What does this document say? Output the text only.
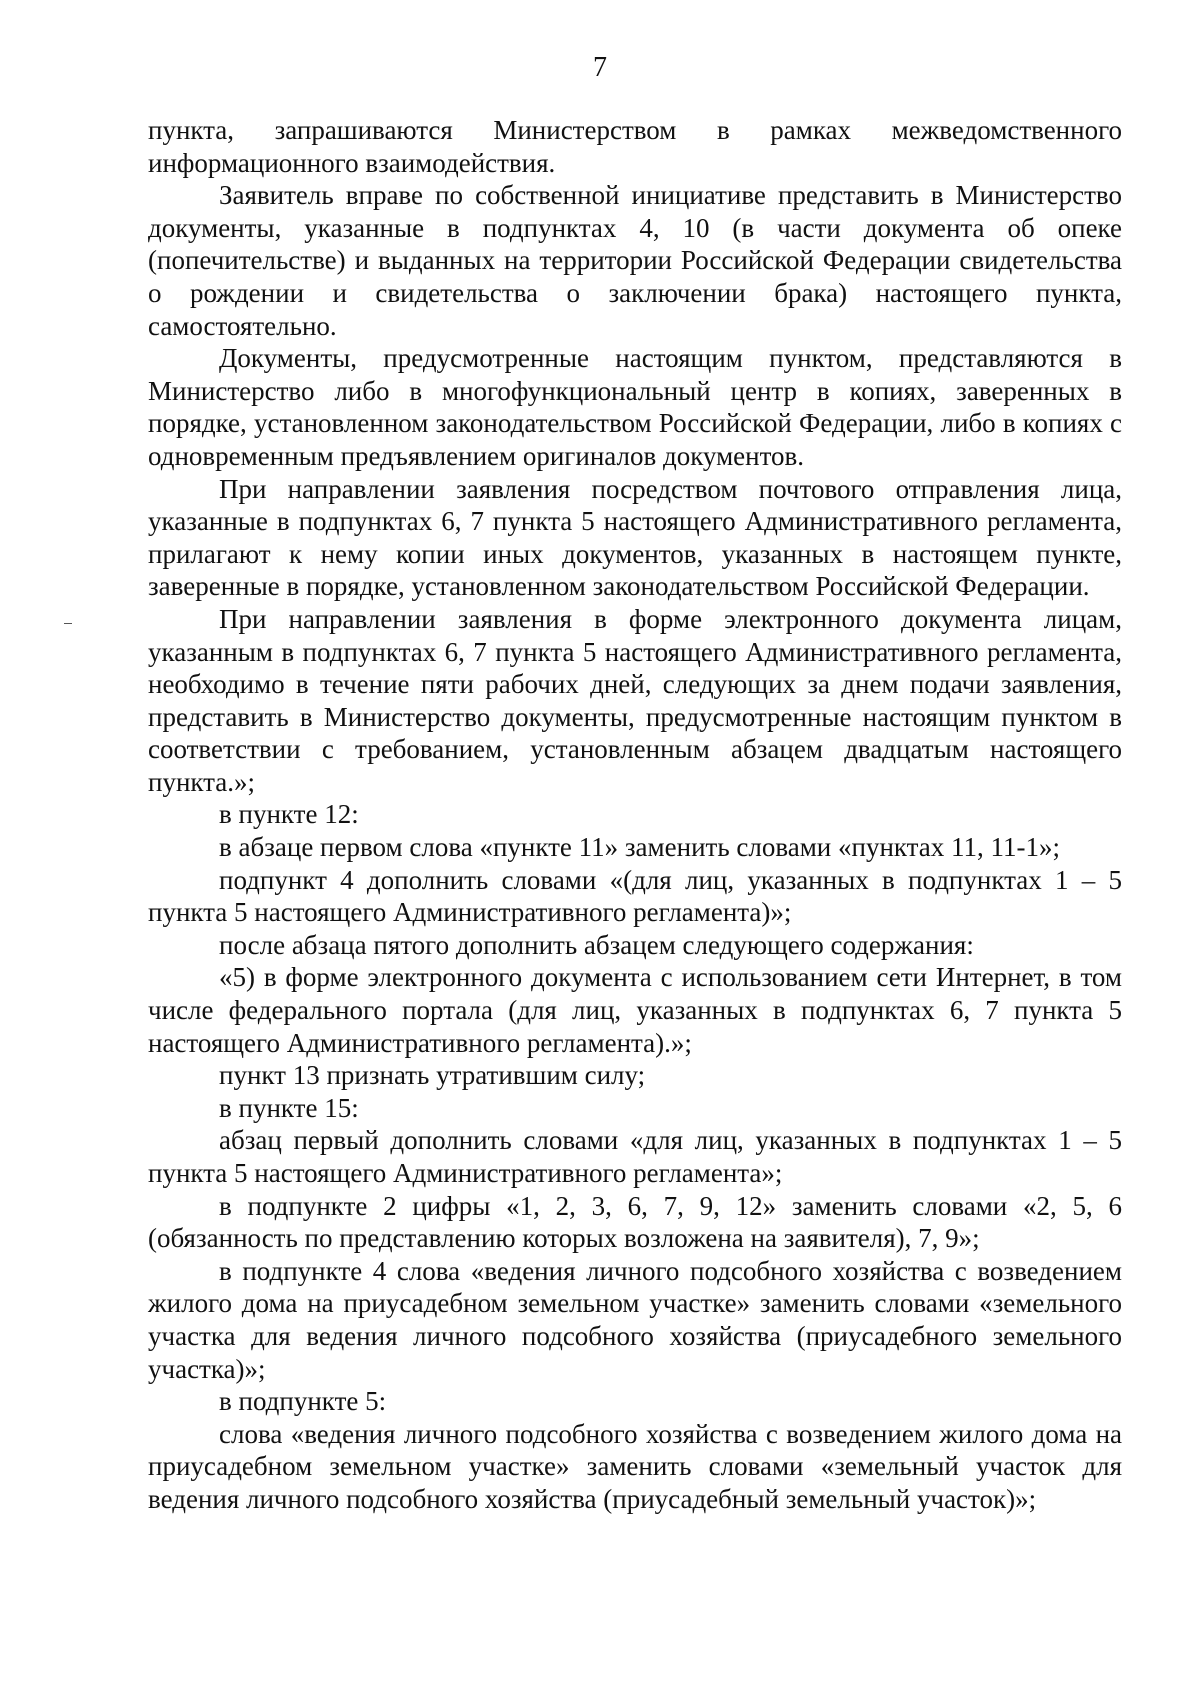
7

пункта, запрашиваются Министерством в рамках межведомственного информационного взаимодействия.

Заявитель вправе по собственной инициативе представить в Министерство документы, указанные в подпунктах 4, 10 (в части документа об опеке (попечительстве) и выданных на территории Российской Федерации свидетельства о рождении и свидетельства о заключении брака) настоящего пункта, самостоятельно.

Документы, предусмотренные настоящим пунктом, представляются в Министерство либо в многофункциональный центр в копиях, заверенных в порядке, установленном законодательством Российской Федерации, либо в копиях с одновременным предъявлением оригиналов документов.

При направлении заявления посредством почтового отправления лица, указанные в подпунктах 6, 7 пункта 5 настоящего Административного регламента, прилагают к нему копии иных документов, указанных в настоящем пункте, заверенные в порядке, установленном законодательством Российской Федерации.

При направлении заявления в форме электронного документа лицам, указанным в подпунктах 6, 7 пункта 5 настоящего Административного регламента, необходимо в течение пяти рабочих дней, следующих за днем подачи заявления, представить в Министерство документы, предусмотренные настоящим пунктом в соответствии с требованием, установленным абзацем двадцатым настоящего пункта.»;

в пункте 12:

в абзаце первом слова «пункте 11» заменить словами «пунктах 11, 11-1»;

подпункт 4 дополнить словами «(для лиц, указанных в подпунктах 1 – 5 пункта 5 настоящего Административного регламента)»;

после абзаца пятого дополнить абзацем следующего содержания:

«5) в форме электронного документа с использованием сети Интернет, в том числе федерального портала (для лиц, указанных в подпунктах 6, 7 пункта 5 настоящего Административного регламента).»;

пункт 13 признать утратившим силу;

в пункте 15:

абзац первый дополнить словами «для лиц, указанных в подпунктах 1 – 5 пункта 5 настоящего Административного регламента»;

в подпункте 2 цифры «1, 2, 3, 6, 7, 9, 12» заменить словами «2, 5, 6 (обязанность по представлению которых возложена на заявителя), 7, 9»;

в подпункте 4 слова «ведения личного подсобного хозяйства с возведением жилого дома на приусадебном земельном участке» заменить словами «земельного участка для ведения личного подсобного хозяйства (приусадебного земельного участка)»;

в подпункте 5:

слова «ведения личного подсобного хозяйства с возведением жилого дома на приусадебном земельном участке» заменить словами «земельный участок для ведения личного подсобного хозяйства (приусадебный земельный участок)»;
